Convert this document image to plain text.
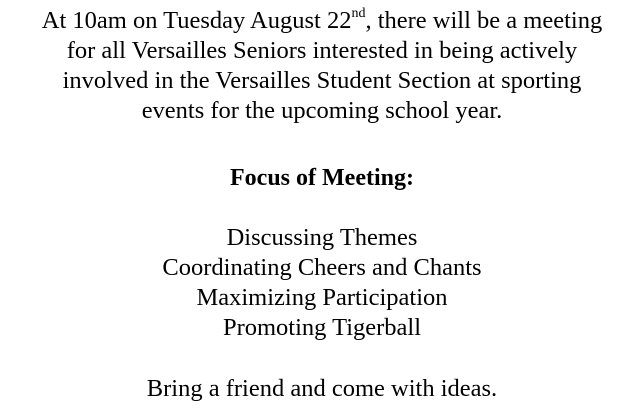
At 10am on Tuesday August 22nd, there will be a meeting
for all Versailles Seniors interested in being actively
involved in the Versailles Student Section at sporting
events for the upcoming school year.

Focus of Meeting:

Discussing Themes
Coordinating Cheers and Chants
Maximizing Participation
Promoting Tigerball

Bring a friend and come with ideas.
